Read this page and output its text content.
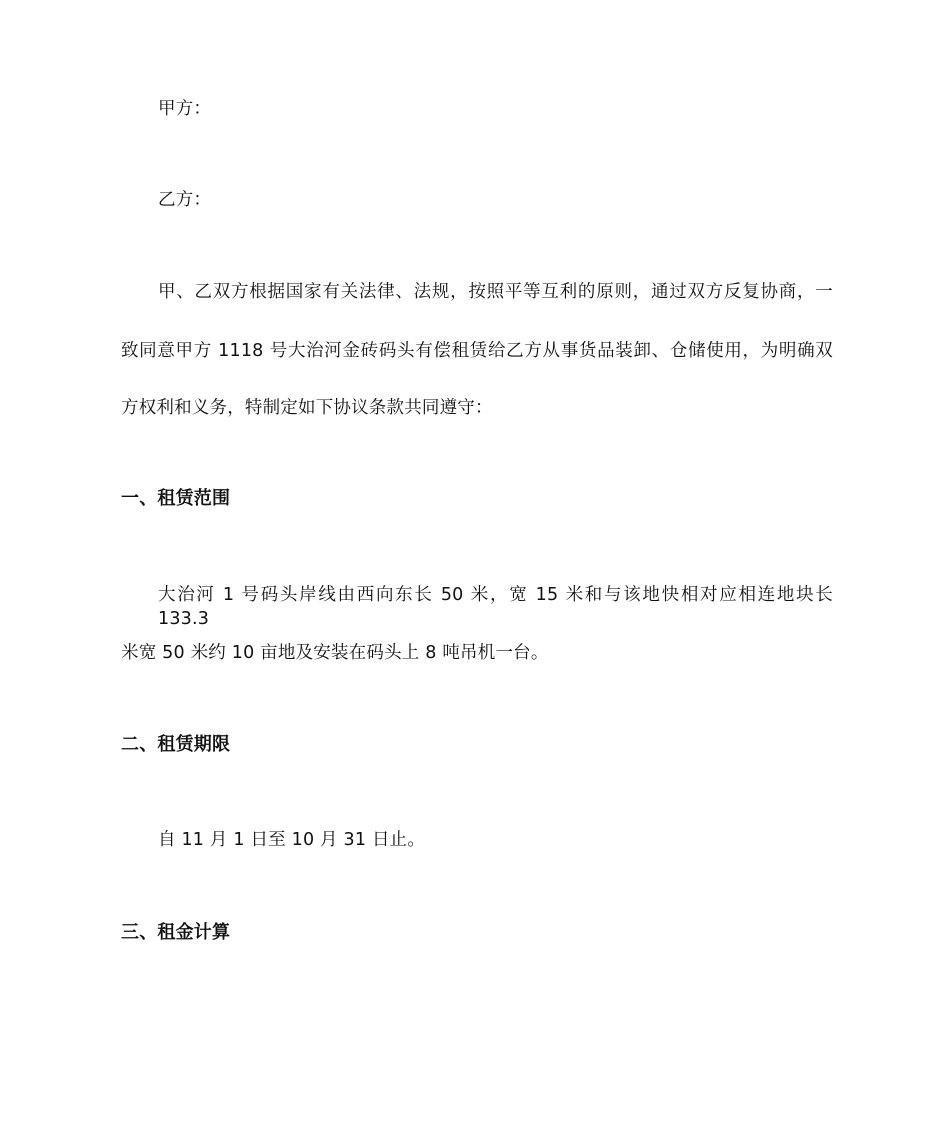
甲方：
乙方：
甲、乙双方根据国家有关法律、法规，按照平等互利的原则，通过双方反复协商，一
致同意甲方 1118 号大治河金砖码头有偿租赁给乙方从事货品装卸、仓储使用，为明确双
方权利和义务，特制定如下协议条款共同遵守：
一、租赁范围
大治河 1 号码头岸线由西向东长 50 米，宽 15 米和与该地快相对应相连地块长 133.3
米宽 50 米约 10 亩地及安装在码头上 8 吨吊机一台。
二、租赁期限
自 11 月 1 日至 10 月 31 日止。
三、租金计算
